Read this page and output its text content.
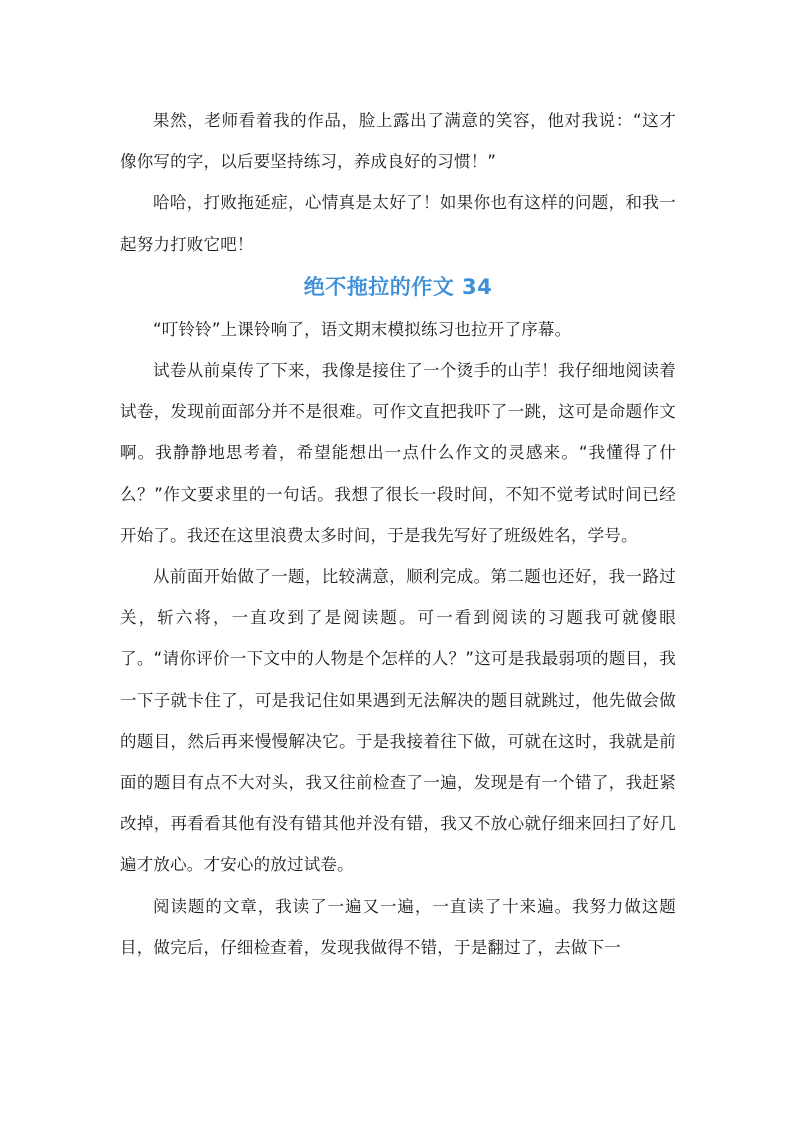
果然，老师看着我的作品，脸上露出了满意的笑容，他对我说：“这才像你写的字，以后要坚持练习，养成良好的习惯！”

哈哈，打败拖延症，心情真是太好了！如果你也有这样的问题，和我一起努力打败它吧！

绝不拖拉的作文 34

“叮铃铃”上课铃响了，语文期末模拟练习也拉开了序幕。

试卷从前桌传了下来，我像是接住了一个烫手的山芋！我仔细地阅读着试卷，发现前面部分并不是很难。可作文直把我吓了一跳，这可是命题作文啊。我静静地思考着，希望能想出一点什么作文的灵感来。“我懂得了什么？”作文要求里的一句话。我想了很长一段时间，不知不觉考试时间已经开始了。我还在这里浪费太多时间，于是我先写好了班级姓名，学号。

从前面开始做了一题，比较满意，顺利完成。第二题也还好，我一路过关，斩六将，一直攻到了是阅读题。可一看到阅读的习题我可就傻眼了。“请你评价一下文中的人物是个怎样的人？”这可是我最弱项的题目，我一下子就卡住了，可是我记住如果遇到无法解决的题目就跳过，他先做会做的题目，然后再来慢慢解决它。于是我接着往下做，可就在这时，我就是前面的题目有点不大对头，我又往前检查了一遍，发现是有一个错了，我赶紧改掉，再看看其他有没有错其他并没有错，我又不放心就仔细来回扫了好几遍才放心。才安心的放过试卷。

阅读题的文章，我读了一遍又一遍，一直读了十来遍。我努力做这题目，做完后，仔细检查着，发现我做得不错，于是翻过了，去做下一
